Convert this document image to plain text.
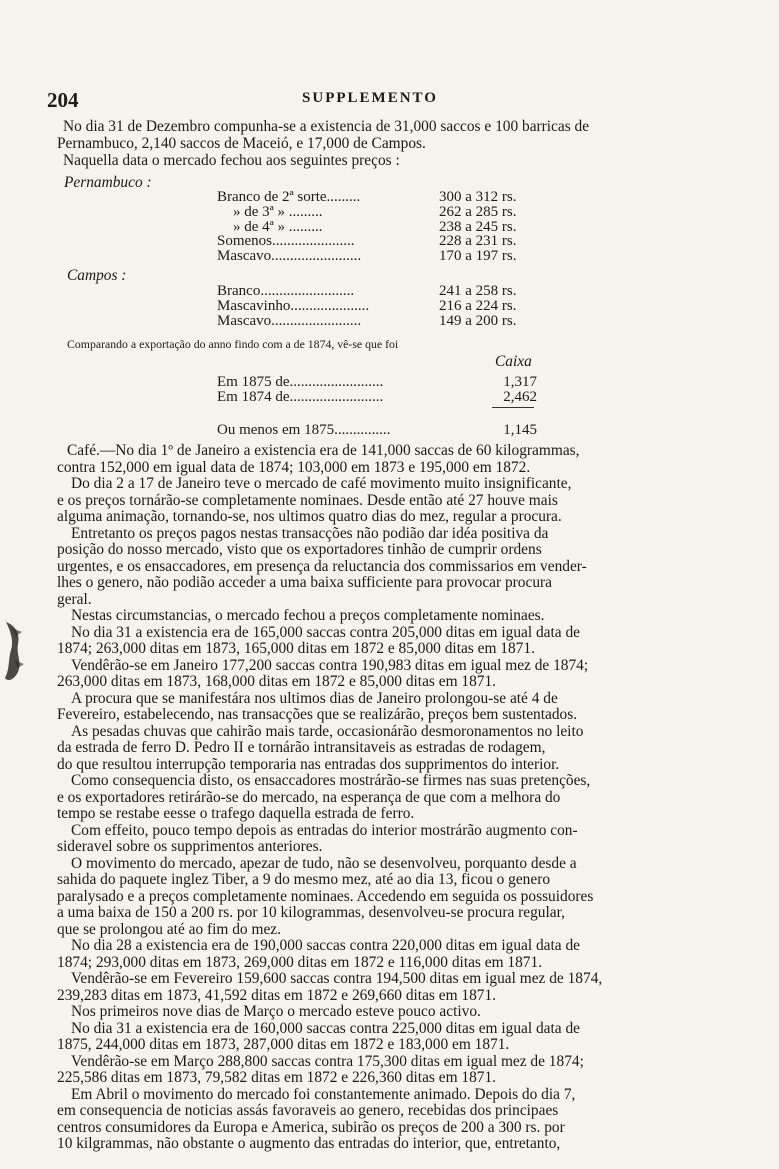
204	SUPPLEMENTO
No dia 31 de Dezembro compunha-se a existencia de 31,000 saccos e 100 barricas de
Pernambuco, 2,140 saccos de Maceió, e 17,000 de Campos.
Naquella data o mercado fechou aos seguintes preços :
Pernambuco :
Branco de 2ª sorte.........	300 a 312 rs.
» de 3ª » .........	262 a 285 rs.
» de 4ª » .........	238 a 245 rs.
Somenos......................	228 a 231 rs.
Mascavo........................	170 a 197 rs.
Campos :
Branco.........................	241 a 258 rs.
Mascavinho.....................	216 a 224 rs.
Mascavo........................	149 a 200 rs.
Comparando a exportação do anno findo com a de 1874, vê-se que foi
Caixa
Em 1875 de.........................	1,317
Em 1874 de.........................	2,462
Ou menos em 1875...............	1,145
Café.—No dia 1º de Janeiro a existencia era de 141,000 saccas de 60 kilogrammas,
contra 152,000 em igual data de 1874; 103,000 em 1873 e 195,000 em 1872.
Do dia 2 a 17 de Janeiro teve o mercado de café movimento muito insignificante,
e os preços tornárão-se completamente nominaes. Desde então até 27 houve mais
alguma animação, tornando-se, nos ultimos quatro dias do mez, regular a procura.
Entretanto os preços pagos nestas transacções não podião dar idéa positiva da
posição do nosso mercado, visto que os exportadores tinhão de cumprir ordens
urgentes, e os ensaccadores, em presença da reluctancia dos commissarios em vender-
lhes o genero, não podião acceder a uma baixa sufficiente para provocar procura
geral.
Nestas circumstancias, o mercado fechou a preços completamente nominaes.
No dia 31 a existencia era de 165,000 saccas contra 205,000 ditas em igual data de
1874; 263,000 ditas em 1873, 165,000 ditas em 1872 e 85,000 ditas em 1871.
Vendêrão-se em Janeiro 177,200 saccas contra 190,983 ditas em igual mez de 1874;
263,000 ditas em 1873, 168,000 ditas em 1872 e 85,000 ditas em 1871.
A procura que se manifestára nos ultimos dias de Janeiro prolongou-se até 4 de
Fevereiro, estabelecendo, nas transacções que se realizárão, preços bem sustentados.
As pesadas chuvas que cahirão mais tarde, occasionárão desmoronamentos no leito
da estrada de ferro D. Pedro II e tornárão intransitaveis as estradas de rodagem,
do que resultou interrupção temporaria nas entradas dos supprimentos do interior.
Como consequencia disto, os ensaccadores mostrárão-se firmes nas suas pretenções,
e os exportadores retirárão-se do mercado, na esperança de que com a melhora do
tempo se restabe eesse o trafego daquella estrada de ferro.
Com effeito, pouco tempo depois as entradas do interior mostrárão augmento con-
sideravel sobre os supprimentos anteriores.
O movimento do mercado, apezar de tudo, não se desenvolveu, porquanto desde a
sahida do paquete inglez Tiber, a 9 do mesmo mez, até ao dia 13, ficou o genero
paralysado e a preços completamente nominaes. Accedendo em seguida os possuidores
a uma baixa de 150 a 200 rs. por 10 kilogrammas, desenvolveu-se procura regular,
que se prolongou até ao fim do mez.
No dia 28 a existencia era de 190,000 saccas contra 220,000 ditas em igual data de
1874; 293,000 ditas em 1873, 269,000 ditas em 1872 e 116,000 ditas em 1871.
Vendêrão-se em Fevereiro 159,600 saccas contra 194,500 ditas em igual mez de 1874,
239,283 ditas em 1873, 41,592 ditas em 1872 e 269,660 ditas em 1871.
Nos primeiros nove dias de Março o mercado esteve pouco activo.
No dia 31 a existencia era de 160,000 saccas contra 225,000 ditas em igual data de
1875, 244,000 ditas em 1873, 287,000 ditas em 1872 e 183,000 em 1871.
Vendêrão-se em Março 288,800 saccas contra 175,300 ditas em igual mez de 1874;
225,586 ditas em 1873, 79,582 ditas em 1872 e 226,360 ditas em 1871.
Em Abril o movimento do mercado foi constantemente animado. Depois do dia 7,
em consequencia de noticias assás favoraveis ao genero, recebidas dos principaes
centros consumidores da Europa e America, subirão os preços de 200 a 300 rs. por
10 kilgrammas, não obstante o augmento das entradas do interior, que, entretanto,
